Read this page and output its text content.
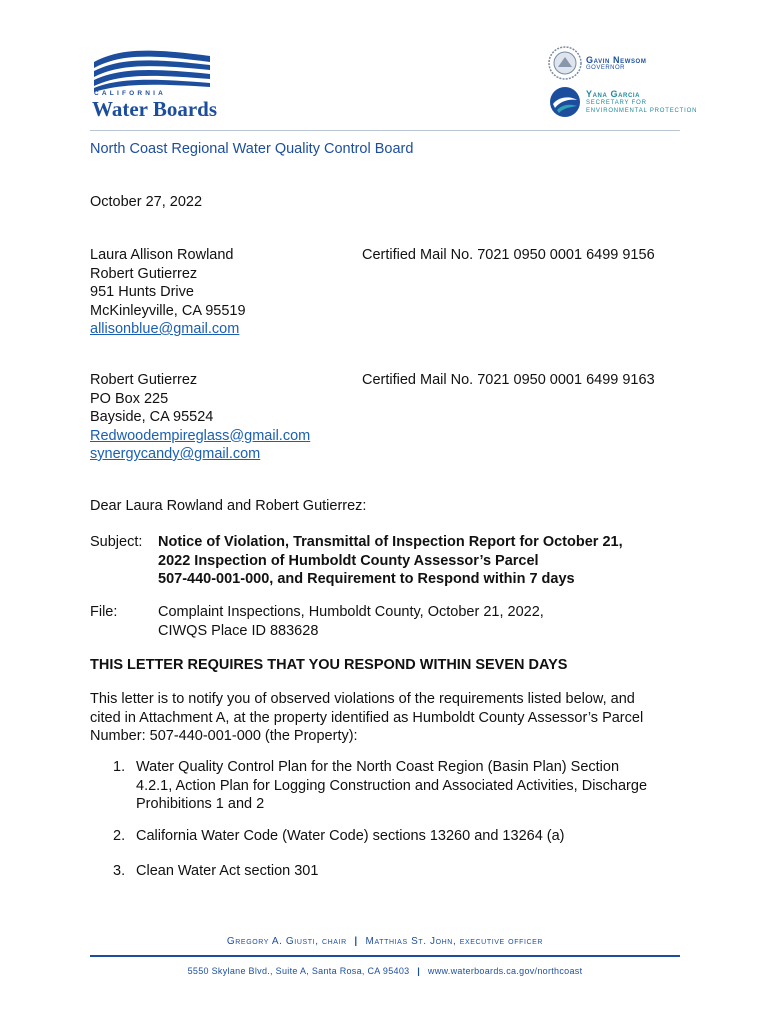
CALIFORNIA
Water Boards
Gavin Newsom
GOVERNOR
Yana Garcia
SECRETARY FOR
ENVIRONMENTAL PROTECTION
North Coast Regional Water Quality Control Board
October 27, 2022
Laura Allison Rowland
Robert Gutierrez
951 Hunts Drive
McKinleyville, CA 95519
allisonblue@gmail.com
Certified Mail No. 7021 0950 0001 6499 9156
Robert Gutierrez
PO Box 225
Bayside, CA 95524
Redwoodempireglass@gmail.com
synergycandy@gmail.com
Certified Mail No. 7021 0950 0001 6499 9163
Dear Laura Rowland and Robert Gutierrez:
Subject: Notice of Violation, Transmittal of Inspection Report for October 21,
2022 Inspection of Humboldt County Assessor’s Parcel
507-440-001-000, and Requirement to Respond within 7 days
File:	Complaint Inspections, Humboldt County, October 21, 2022,
CIWQS Place ID 883628
THIS LETTER REQUIRES THAT YOU RESPOND WITHIN SEVEN DAYS
This letter is to notify you of observed violations of the requirements listed below, and
cited in Attachment A, at the property identified as Humboldt County Assessor’s Parcel
Number: 507-440-001-000 (the Property):
1. Water Quality Control Plan for the North Coast Region (Basin Plan) Section
4.2.1, Action Plan for Logging Construction and Associated Activities, Discharge
Prohibitions 1 and 2
2. California Water Code (Water Code) sections 13260 and 13264 (a)
3. Clean Water Act section 301
Gregory A. Giusti, chair | Matthias St. John, executive officer
5550 Skylane Blvd., Suite A, Santa Rosa, CA 95403 | www.waterboards.ca.gov/northcoast
